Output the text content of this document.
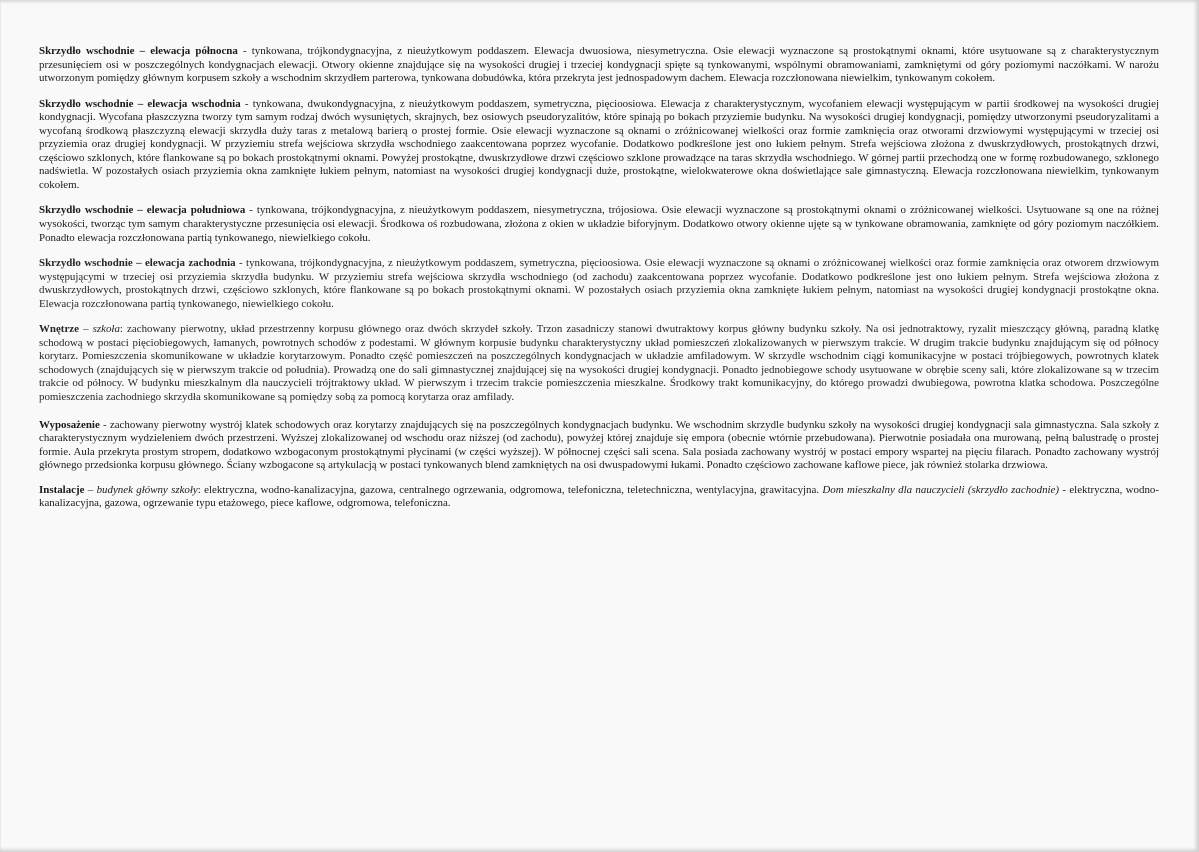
Skrzydło wschodnie – elewacja północna - tynkowana, trójkondygnacyjna, z nieużytkowym poddaszem. Elewacja dwuosiowa, niesymetryczna. Osie elewacji wyznaczone są prostokątnymi oknami, które usytuowane są z charakterystycznym przesunięciem osi w poszczególnych kondygnacjach elewacji. Otwory okienne znajdujące się na wysokości drugiej i trzeciej kondygnacji spięte są tynkowanymi, wspólnymi obramowaniami, zamkniętymi od góry poziomymi naczółkami. W narożu utworzonym pomiędzy głównym korpusem szkoły a wschodnim skrzydłem parterowa, tynkowana dobudówka, która przekryta jest jednospadowym dachem. Elewacja rozczłonowana niewielkim, tynkowanym cokołem.

Skrzydło wschodnie – elewacja wschodnia - tynkowana, dwukondygnacyjna, z nieużytkowym poddaszem, symetryczna, pięcioosiowa. Elewacja z charakterystycznym, wycofaniem elewacji występującym w partii środkowej na wysokości drugiej kondygnacji. Wycofana płaszczyzna tworzy tym samym rodzaj dwóch wysuniętych, skrajnych, bez osiowych pseudoryzalitów, które spinają po bokach przyziemie budynku. Na wysokości drugiej kondygnacji, pomiędzy utworzonymi pseudoryzalitami a wycofaną środkową płaszczyzną elewacji skrzydła duży taras z metalową barierą o prostej formie. Osie elewacji wyznaczone są oknami o zróżnicowanej wielkości oraz formie zamknięcia oraz otworami drzwiowymi występującymi w trzeciej osi przyziemia oraz drugiej kondygnacji. W przyziemiu strefa wejściowa skrzydła wschodniego zaakcentowana poprzez wycofanie. Dodatkowo podkreślone jest ono łukiem pełnym. Strefa wejściowa złożona z dwuskrzydłowych, prostokątnych drzwi, częściowo szklonych, które flankowane są po bokach prostokątnymi oknami. Powyżej prostokątne, dwuskrzydłowe drzwi częściowo szklone prowadzące na taras skrzydła wschodniego. W górnej partii przechodzą one w formę rozbudowanego, szklonego nadświetla. W pozostałych osiach przyziemia okna zamknięte łukiem pełnym, natomiast na wysokości drugiej kondygnacji duże, prostokątne, wielokwaterowe okna doświetlające sale gimnastyczną. Elewacja rozczłonowana niewielkim, tynkowanym cokołem.

Skrzydło wschodnie – elewacja południowa - tynkowana, trójkondygnacyjna, z nieużytkowym poddaszem, niesymetryczna, trójosiowa. Osie elewacji wyznaczone są prostokątnymi oknami o zróżnicowanej wielkości. Usytuowane są one na różnej wysokości, tworząc tym samym charakterystyczne przesunięcia osi elewacji. Środkowa oś rozbudowana, złożona z okien w układzie biforyjnym. Dodatkowo otwory okienne ujęte są w tynkowane obramowania, zamknięte od góry poziomym naczółkiem. Ponadto elewacja rozczłonowana partią tynkowanego, niewielkiego cokołu.

Skrzydło wschodnie – elewacja zachodnia - tynkowana, trójkondygnacyjna, z nieużytkowym poddaszem, symetryczna, pięcioosiowa. Osie elewacji wyznaczone są oknami o zróżnicowanej wielkości oraz formie zamknięcia oraz otworem drzwiowym występującymi w trzeciej osi przyziemia skrzydła budynku. W przyziemiu strefa wejściowa skrzydła wschodniego (od zachodu) zaakcentowana poprzez wycofanie. Dodatkowo podkreślone jest ono łukiem pełnym. Strefa wejściowa złożona z dwuskrzydłowych, prostokątnych drzwi, częściowo szklonych, które flankowane są po bokach prostokątnymi oknami. W pozostałych osiach przyziemia okna zamknięte łukiem pełnym, natomiast na wysokości drugiej kondygnacji prostokątne okna. Elewacja rozczłonowana partią tynkowanego, niewielkiego cokołu.

Wnętrze – szkoła: zachowany pierwotny, układ przestrzenny korpusu głównego oraz dwóch skrzydeł szkoły. Trzon zasadniczy stanowi dwutraktowy korpus główny budynku szkoły. Na osi jednotraktowy, ryzalit mieszczący główną, paradną klatkę schodową w postaci pięciobiegowych, łamanych, powrotnych schodów z podestami. W głównym korpusie budynku charakterystyczny układ pomieszczeń zlokalizowanych w pierwszym trakcie. W drugim trakcie budynku znajdującym się od północy korytarz. Pomieszczenia skomunikowane w układzie korytarzowym. Ponadto część pomieszczeń na poszczególnych kondygnacjach w układzie amfiladowym. W skrzydle wschodnim ciągi komunikacyjne w postaci trójbiegowych, powrotnych klatek schodowych (znajdujących się w pierwszym trakcie od południa). Prowadzą one do sali gimnastycznej znajdującej się na wysokości drugiej kondygnacji. Ponadto jednobiegowe schody usytuowane w obrębie sceny sali, które zlokalizowane są w trzecim trakcie od północy. W budynku mieszkalnym dla nauczycieli trójtraktowy układ. W pierwszym i trzecim trakcie pomieszczenia mieszkalne. Środkowy trakt komunikacyjny, do którego prowadzi dwubiegowa, powrotna klatka schodowa. Poszczególne pomieszczenia zachodniego skrzydła skomunikowane są pomiędzy sobą za pomocą korytarza oraz amfilady.

Wyposażenie - zachowany pierwotny wystrój klatek schodowych oraz korytarzy znajdujących się na poszczególnych kondygnacjach budynku. We wschodnim skrzydle budynku szkoły na wysokości drugiej kondygnacji sala gimnastyczna. Sala szkoły z charakterystycznym wydzieleniem dwóch przestrzeni. Wyższej zlokalizowanej od wschodu oraz niższej (od zachodu), powyżej której znajduje się empora (obecnie wtórnie przebudowana). Pierwotnie posiadała ona murowaną, pełną balustradę o prostej formie. Aula przekryta prostym stropem, dodatkowo wzbogaconym prostokątnymi płycinami (w części wyższej). W północnej części sali scena. Sala posiada zachowany wystrój w postaci empory wspartej na pięciu filarach. Ponadto zachowany wystrój głównego przedsionka korpusu głównego. Ściany wzbogacone są artykulacją w postaci tynkowanych blend zamkniętych na osi dwuspadowymi łukami. Ponadto częściowo zachowane kaflowe piece, jak również stolarka drzwiowa.

Instalacje – budynek główny szkoły: elektryczna, wodno-kanalizacyjna, gazowa, centralnego ogrzewania, odgromowa, telefoniczna, teletechniczna, wentylacyjna, grawitacyjna. Dom mieszkalny dla nauczycieli (skrzydło zachodnie) - elektryczna, wodno-kanalizacyjna, gazowa, ogrzewanie typu etażowego, piece kaflowe, odgromowa, telefoniczna.
